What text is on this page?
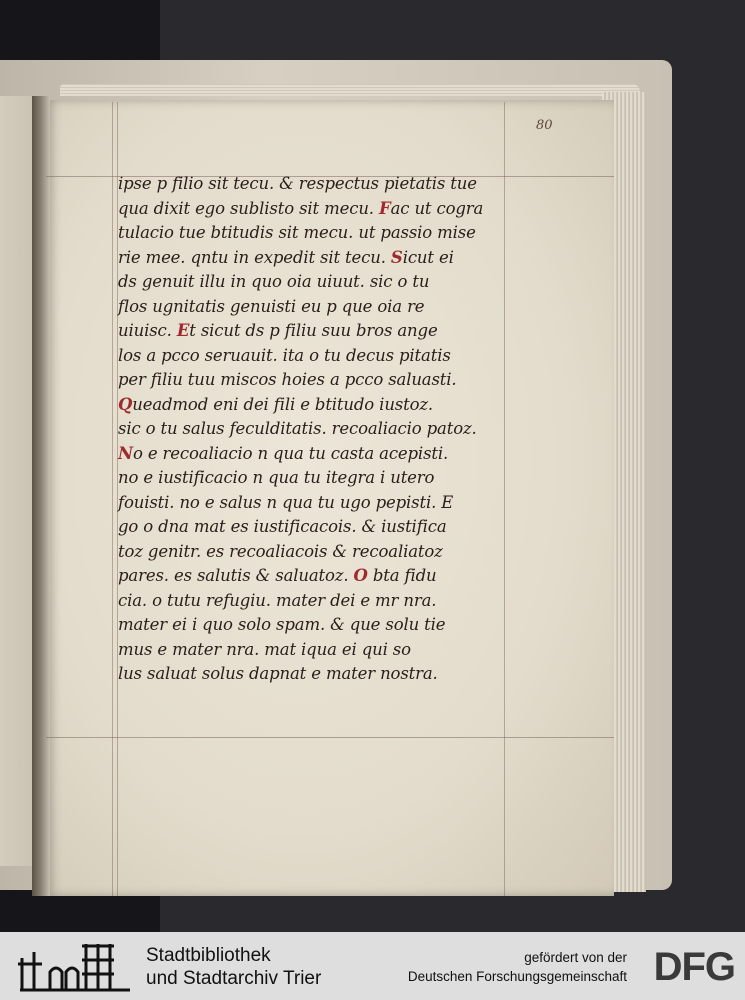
80
ipse p filio sit tecu. & respectus pietatis tue
qua dixit ego sublisto sit mecu. Fac ut cogra
tulacio tue btitudis sit mecu. ut passio mise
rie mee. qntu in expedit sit tecu. Sicut ei
ds genuit illu in quo oia uiuut. sic o tu
flos ugnitatis genuisti eu p que oia re
uiuisc. Et sicut ds p filiu suu bros ange
los a pcco seruauit. ita o tu decus pitatis
per filiu tuu miscos hoies a pcco saluasti.
Queadmod eni dei fili e btitudo iustoz.
sic o tu salus feculditatis. recoaliacio patoz.
No e recoaliacio n qua tu casta acepisti.
no e iustificacio n qua tu itegra i utero
fouisti. no e salus n qua tu ugo pepisti. E
go o dna mat es iustificacois. & iustifica
toz genitr. es recoaliacois & recoaliatoz
pares. es salutis & saluatoz. O bta fidu
cia. o tutu refugiu. mater dei e mr nra.
mater ei i quo solo spam. & que solu tie
mus e mater nra. mat iqua ei qui so
lus saluat solus dapnat e mater nostra.
Stadtbibliothek
und Stadtarchiv Trier
gefördert von der
Deutschen Forschungsgemeinschaft DFG
